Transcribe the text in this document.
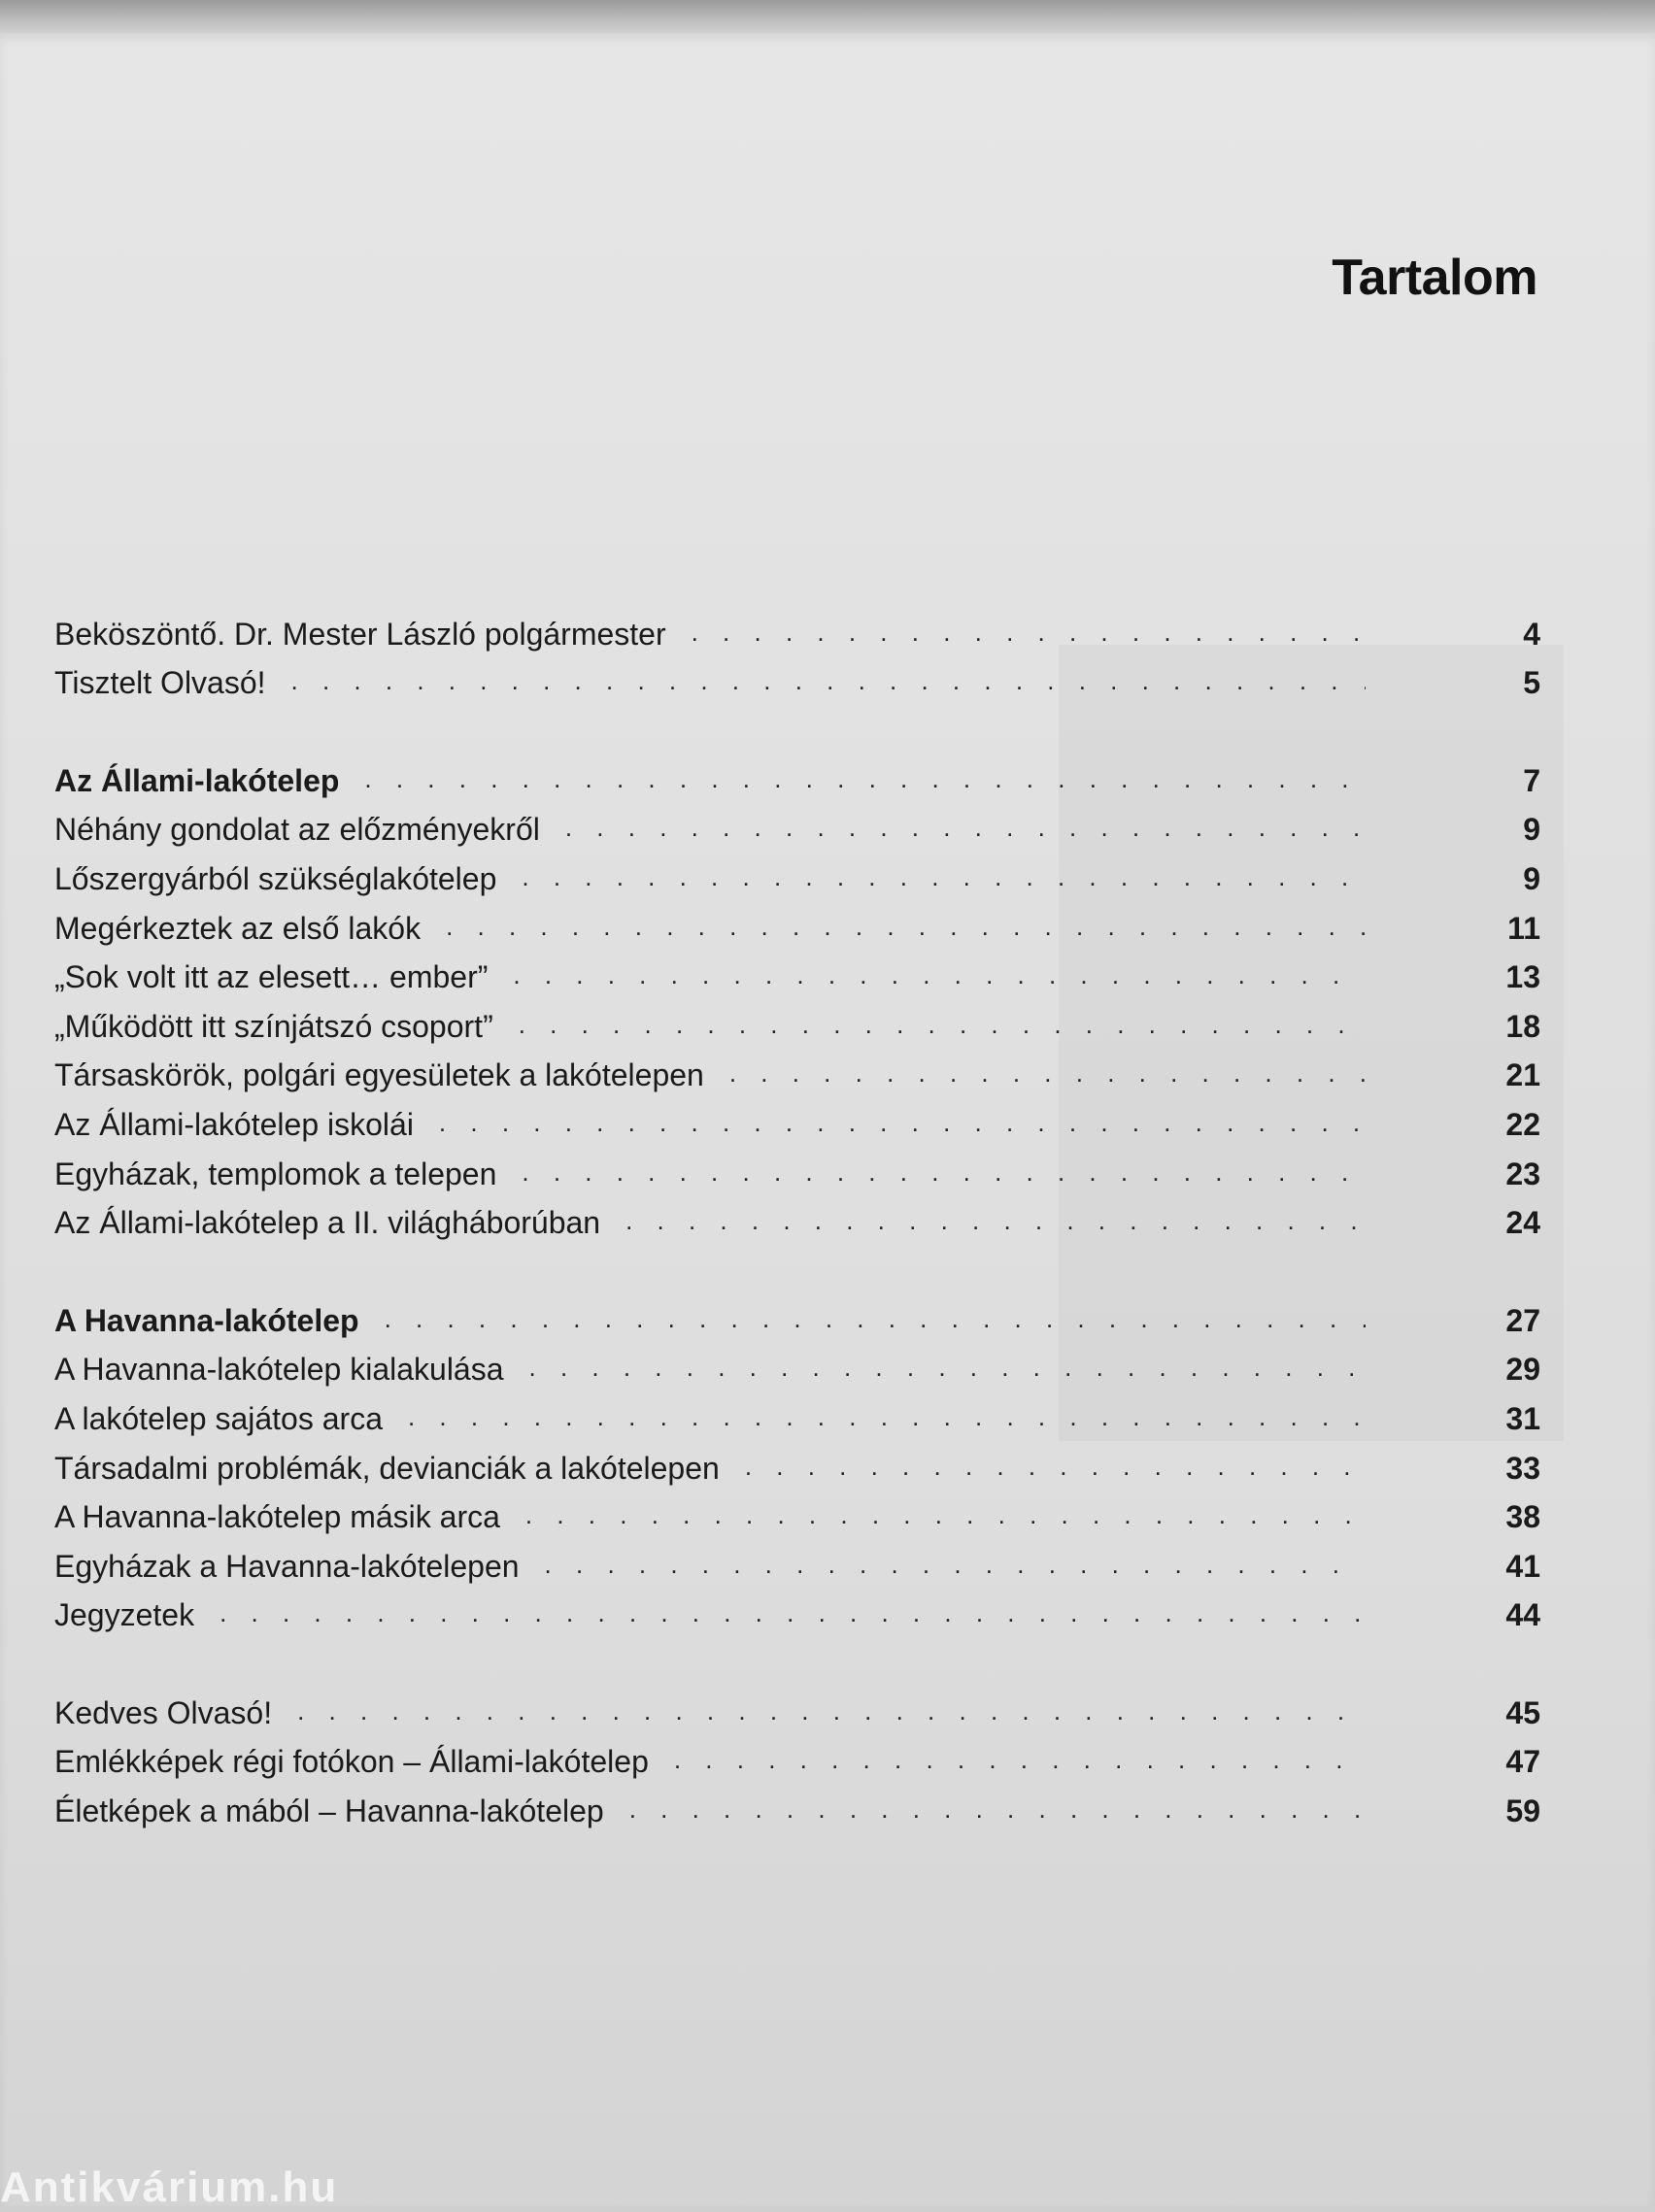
Tartalom
Beköszöntő. Dr. Mester László polgármester . . .	4
Tisztelt Olvasó! . . .	5
Az Állami-lakótelep . . .	7
Néhány gondolat az előzményekről . . .	9
Lőszergyárból szükséglakótelep . . .	9
Megérkeztek az első lakók . . .	11
„Sok volt itt az elesett… ember” . . .	13
„Működött itt színjátszó csoport” . . .	18
Társaskörök, polgári egyesületek a lakótelepen . . .	21
Az Állami-lakótelep iskolái . . .	22
Egyházak, templomok a telepen . . .	23
Az Állami-lakótelep a II. világháborúban . . .	24
A Havanna-lakótelep . . .	27
A Havanna-lakótelep kialakulása . . .	29
A lakótelep sajátos arca . . .	31
Társadalmi problémák, devianciák a lakótelepen . . .	33
A Havanna-lakótelep másik arca . . .	38
Egyházak a Havanna-lakótelepen . . .	41
Jegyzetek . . .	44
Kedves Olvasó! . . .	45
Emlékképek régi fotókon – Állami-lakótelep . . .	47
Életképek a mából – Havanna-lakótelep . . .	59
Antikvárium.hu
